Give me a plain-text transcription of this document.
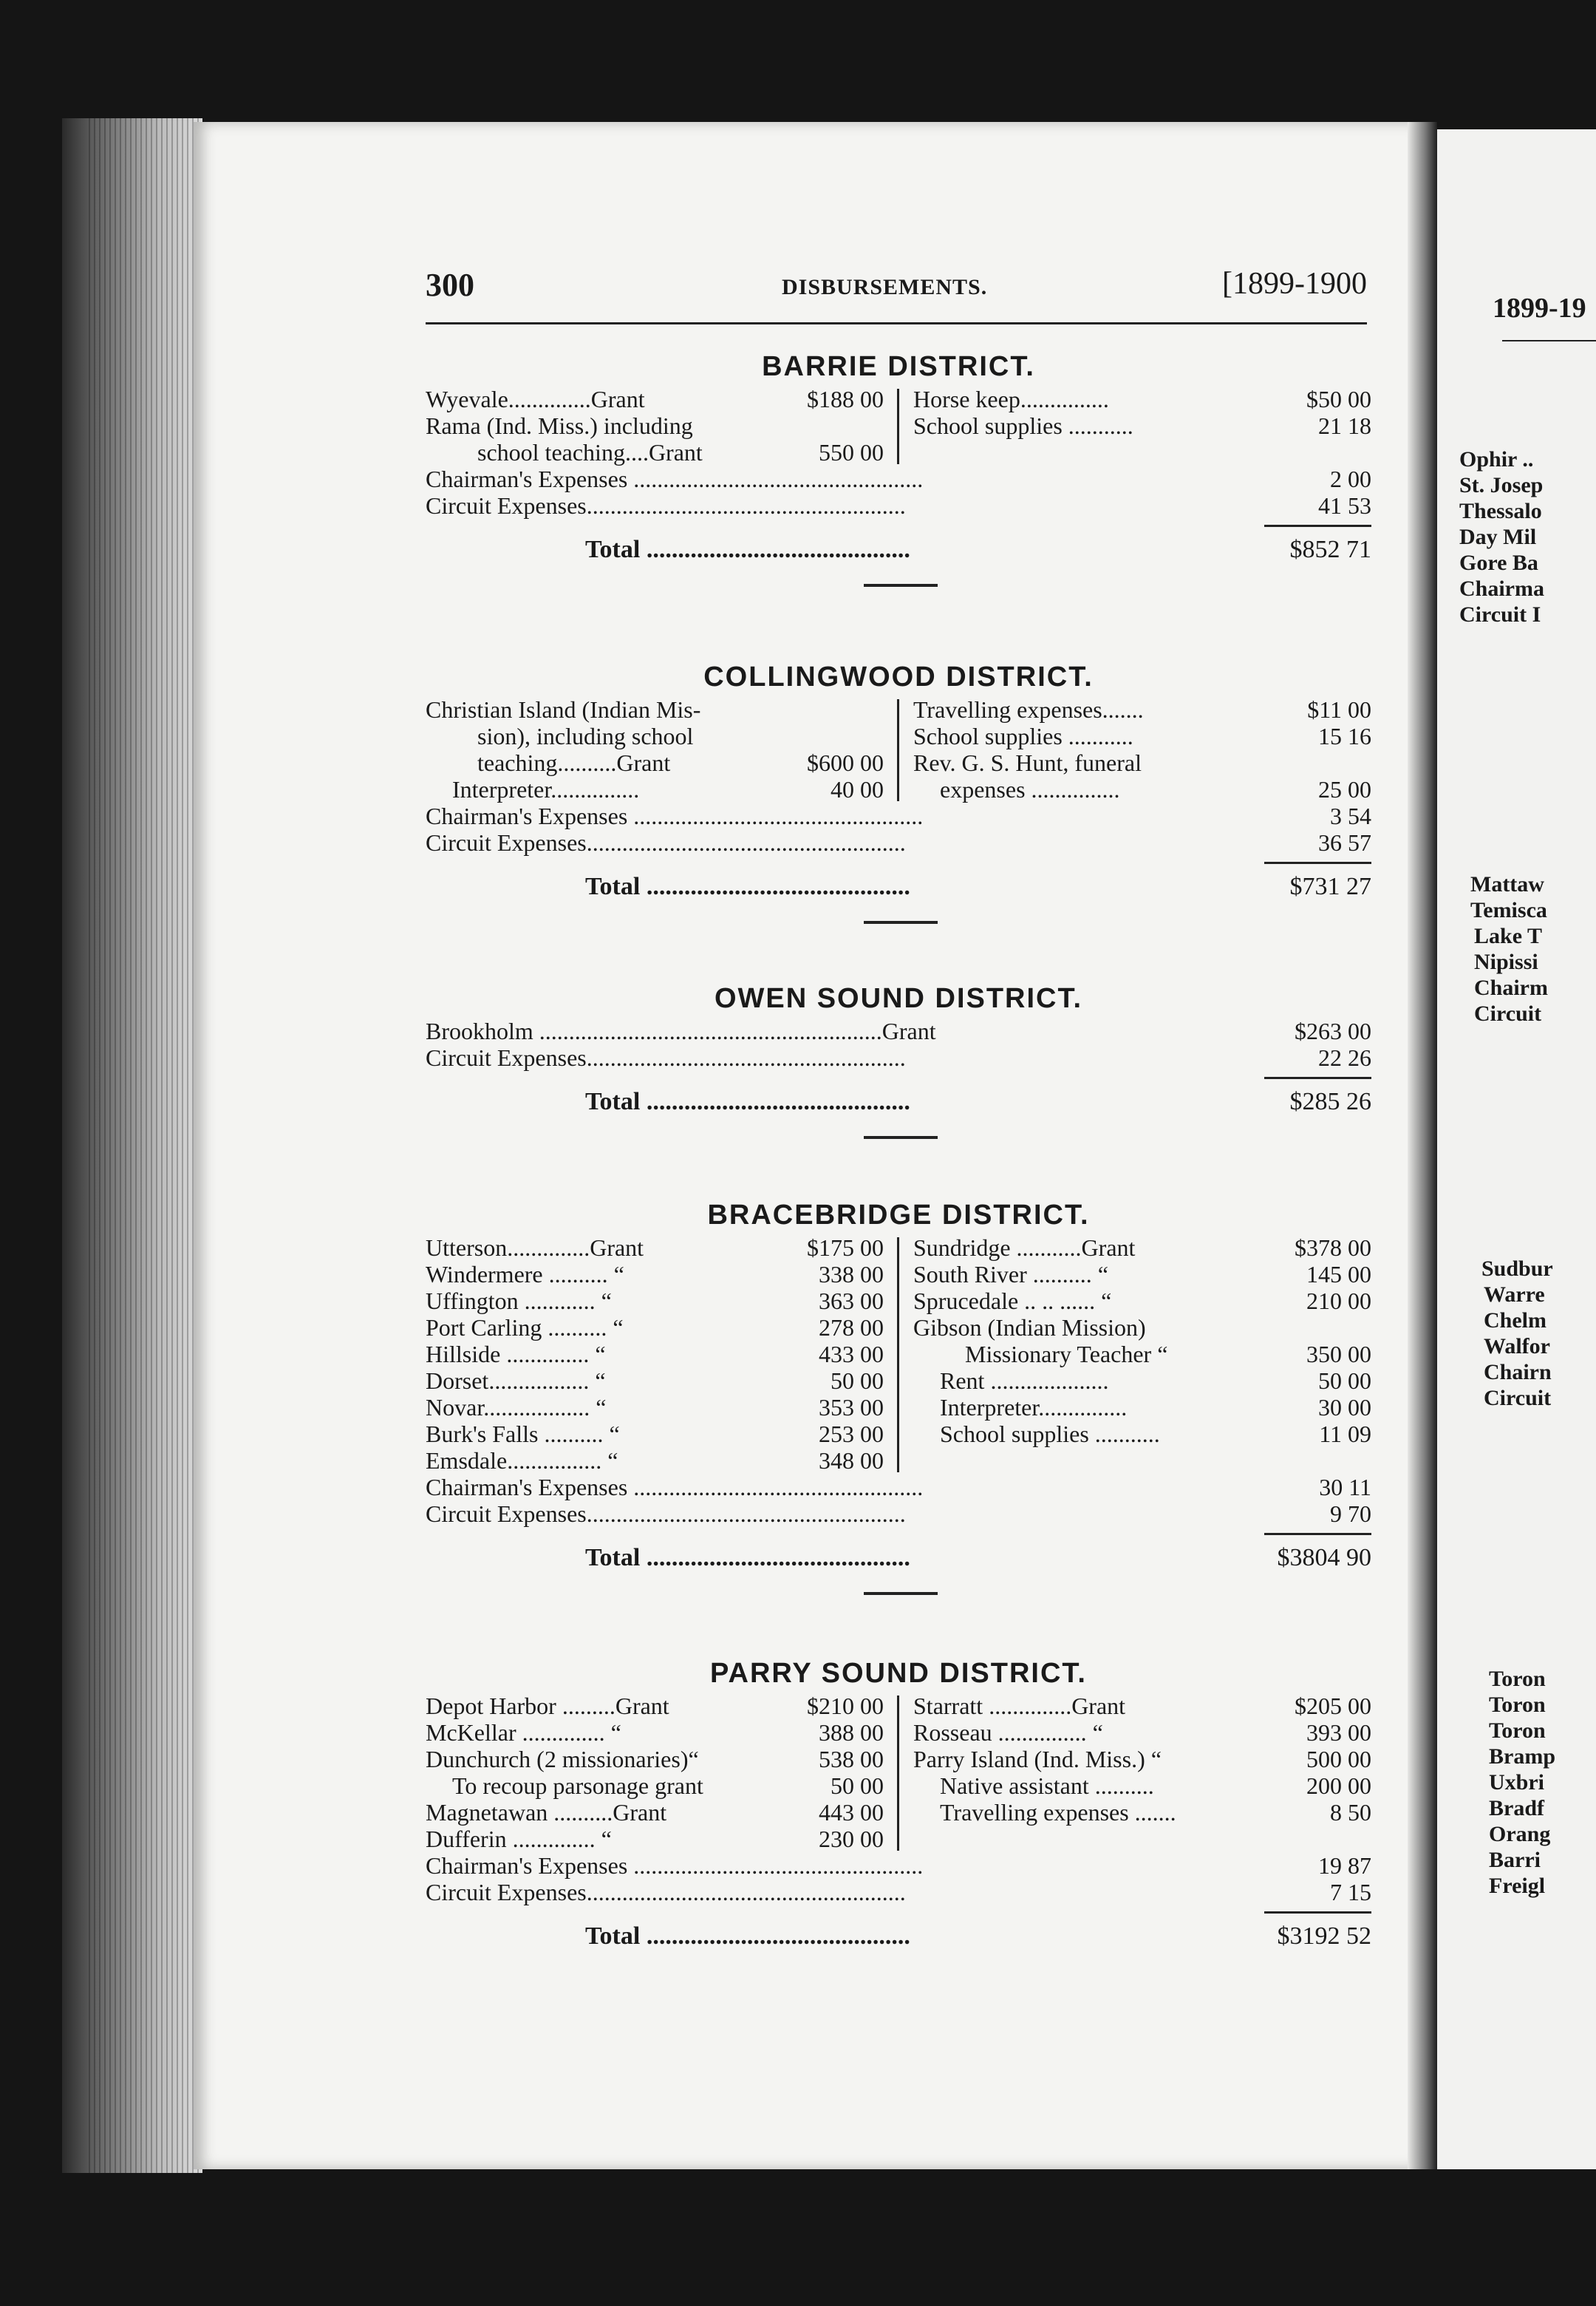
1899-19
Ophir ..
St. Josep
Thessalo
Day Mil
Gore Ba
Chairma
Circuit I
Mattaw
Temisca
Lake T
Nipissi
Chairm
Circuit
Sudbur
Warre
Chelm
Walfor
Chairn
Circuit
Toron
Toron
Toron
Bramp
Uxbri
Bradf
Orang
Barri
Freigl
300	DISBURSEMENTS.	[1899-1900
BARRIE DISTRICT.
Wyevale..............Grant	$188 00
Rama (Ind. Miss.) including
school teaching....Grant	550 00
Horse keep...............	$50 00
School supplies ...........	21 18
Chairman's Expenses .................................................	2 00
Circuit Expenses......................................................	41 53
Total ..........................................	$852 71
COLLINGWOOD DISTRICT.
Christian Island (Indian Mis-
sion), including school
teaching..........Grant	$600 00
Interpreter...............	40 00
Travelling expenses.......	$11 00
School supplies ...........	15 16
Rev. G. S. Hunt, funeral
expenses ...............	25 00
Chairman's Expenses .................................................	3 54
Circuit Expenses......................................................	36 57
Total ..........................................	$731 27
OWEN SOUND DISTRICT.
Brookholm ..........................................................Grant	$263 00
Circuit Expenses......................................................	22 26
Total ..........................................	$285 26
BRACEBRIDGE DISTRICT.
Utterson..............Grant	$175 00
Windermere .......... “	338 00
Uffington ............ “	363 00
Port Carling .......... “	278 00
Hillside .............. “	433 00
Dorset................. “	50 00
Novar.................. “	353 00
Burk's Falls .......... “	253 00
Emsdale................ “	348 00
Sundridge ...........Grant	$378 00
South River .......... “	145 00
Sprucedale .. .. ...... “	210 00
Gibson (Indian Mission)
Missionary Teacher “	350 00
Rent ....................	50 00
Interpreter...............	30 00
School supplies ...........	11 09
Chairman's Expenses .................................................	30 11
Circuit Expenses......................................................	9 70
Total ..........................................	$3804 90
PARRY SOUND DISTRICT.
Depot Harbor .........Grant	$210 00
McKellar .............. “	388 00
Dunchurch (2 missionaries)“	538 00
To recoup parsonage grant	50 00
Magnetawan ..........Grant	443 00
Dufferin .............. “	230 00
Starratt ..............Grant	$205 00
Rosseau ............... “	393 00
Parry Island (Ind. Miss.) “	500 00
Native assistant ..........	200 00
Travelling expenses .......	8 50
Chairman's Expenses .................................................	19 87
Circuit Expenses......................................................	7 15
Total ..........................................	$3192 52
